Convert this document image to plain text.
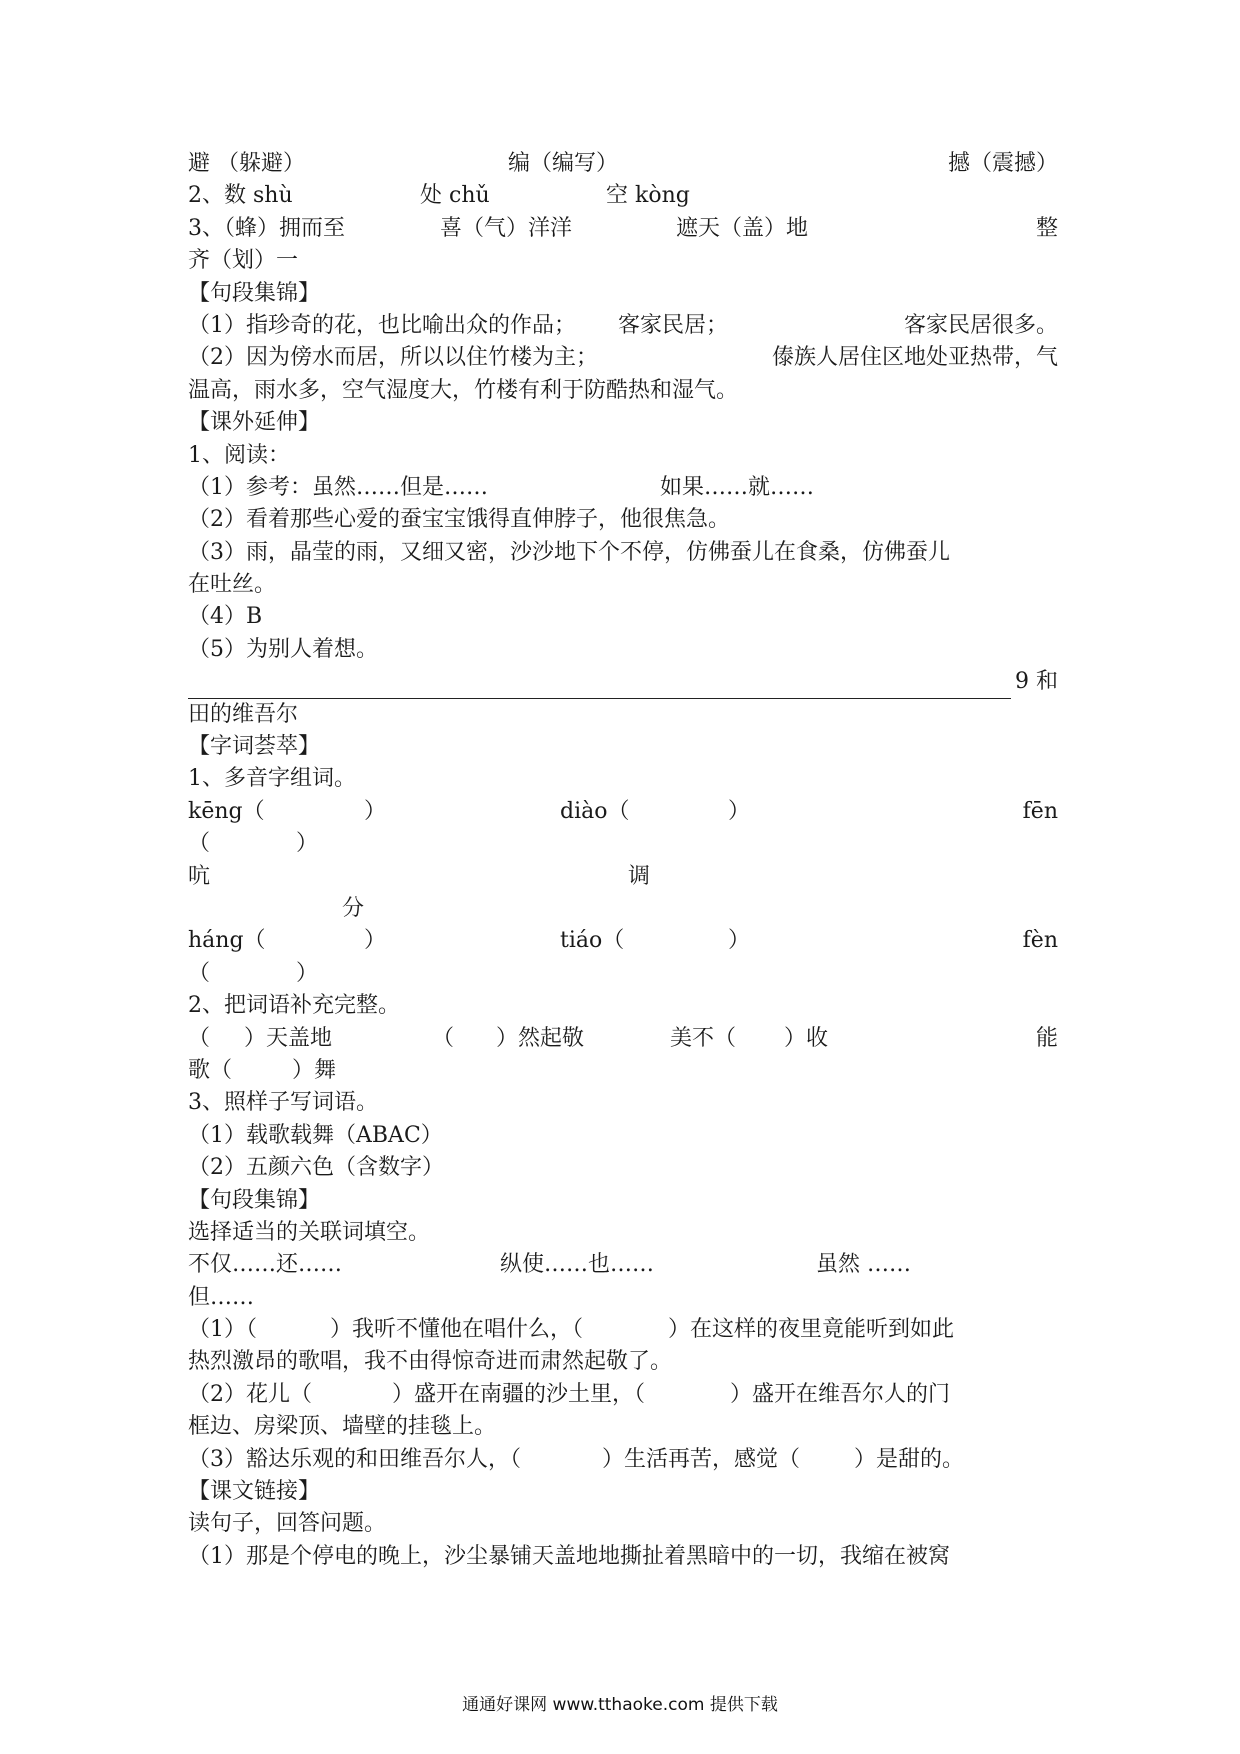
避 （躲避）	编（编写）	撼（震撼）
2、数 shù	处 chǔ	空 kòng
3、（蜂）拥而至	喜（气）洋洋	遮天（盖）地	整
齐（划）一
【句段集锦】
（1）指珍奇的花，也比喻出众的作品； 客家民居；	客家民居很多。
（2）因为傍水而居，所以以住竹楼为主；	傣族人居住区地处亚热带，气
温高，雨水多，空气湿度大，竹楼有利于防酷热和湿气。
【课外延伸】
1、阅读：
（1）参考：虽然……但是……	如果……就……
（2）看着那些心爱的蚕宝宝饿得直伸脖子，他很焦急。
（3）雨，晶莹的雨，又细又密，沙沙地下个不停，仿佛蚕儿在食桑，仿佛蚕儿
在吐丝。
（4）B
（5）为别人着想。
9 和
田的维吾尔
【字词荟萃】
1、多音字组词。
kēng（	）	diào（	）	fēn
（	）
吭	调
分
háng（	）	tiáo（	）	fèn
（	）
2、把词语补充完整。
（ ）天盖地	（ ）然起敬	美不（ ）收	能
歌（	）舞
3、照样子写词语。
（1）载歌载舞（ABAC）
（2）五颜六色（含数字）
【句段集锦】
选择适当的关联词填空。
不仅……还……	纵使……也……	虽然 ……
但……
（1）（	）我听不懂他在唱什么，（	）在这样的夜里竟能听到如此
热烈激昂的歌唱，我不由得惊奇进而肃然起敬了。
（2）花儿（	）盛开在南疆的沙土里，（	）盛开在维吾尔人的门
框边、房梁顶、墙壁的挂毯上。
（3）豁达乐观的和田维吾尔人，（	）生活再苦，感觉（ ）是甜的。
【课文链接】
读句子，回答问题。
（1）那是个停电的晚上，沙尘暴铺天盖地地撕扯着黑暗中的一切，我缩在被窝
通通好课网 www.tthaoke.com 提供下载
